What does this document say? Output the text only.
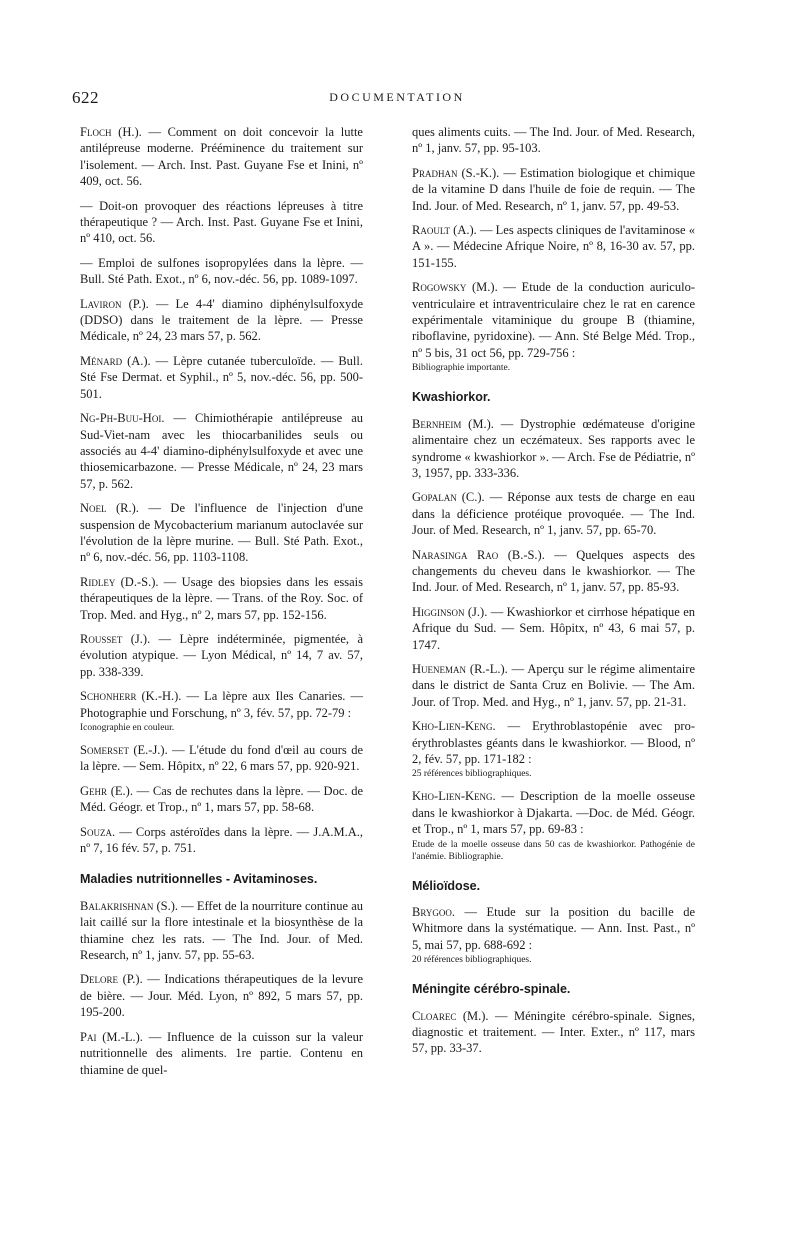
622	DOCUMENTATION

Floch (H.). — Comment on doit concevoir la lutte antilépreuse moderne. Prééminence du traitement sur l'isolement. — Arch. Inst. Past. Guyane Fse et Inini, nº 409, oct. 56.

— Doit-on provoquer des réactions lépreuses à titre thérapeutique ? — Arch. Inst. Past. Guyane Fse et Inini, nº 410, oct. 56.

— Emploi de sulfones isopropylées dans la lèpre. — Bull. Sté Path. Exot., nº 6, nov.-déc. 56, pp. 1089-1097.

Laviron (P.). — Le 4-4' diamino diphénylsulfoxyde (DDSO) dans le traitement de la lèpre. — Presse Médicale, nº 24, 23 mars 57, p. 562.

Ménard (A.). — Lèpre cutanée tuberculoïde. — Bull. Sté Fse Dermat. et Syphil., nº 5, nov.-déc. 56, pp. 500-501.

Ng-Ph-Buu-Hoi. — Chimiothérapie antilépreuse au Sud-Viet-nam avec les thiocarbanilides seuls ou associés au 4-4' diamino-diphénylsulfoxyde et avec une thiosemicarbazone. — Presse Médicale, nº 24, 23 mars 57, p. 562.

Noel (R.). — De l'influence de l'injection d'une suspension de Mycobacterium marianum autoclavée sur l'évolution de la lèpre murine. — Bull. Sté Path. Exot., nº 6, nov.-déc. 56, pp. 1103-1108.

Ridley (D.-S.). — Usage des biopsies dans les essais thérapeutiques de la lèpre. — Trans. of the Roy. Soc. of Trop. Med. and Hyg., nº 2, mars 57, pp. 152-156.

Rousset (J.). — Lèpre indéterminée, pigmentée, à évolution atypique. — Lyon Médical, nº 14, 7 av. 57, pp. 338-339.

Schonherr (K.-H.). — La lèpre aux Iles Canaries. — Photographie und Forschung, nº 3, fév. 57, pp. 72-79 :
Iconographie en couleur.

Somerset (E.-J.). — L'étude du fond d'œil au cours de la lèpre. — Sem. Hôpitx, nº 22, 6 mars 57, pp. 920-921.

Gehr (E.). — Cas de rechutes dans la lèpre. — Doc. de Méd. Géogr. et Trop., nº 1, mars 57, pp. 58-68.

Souza. — Corps astéroïdes dans la lèpre. — J.A.M.A., nº 7, 16 fév. 57, p. 751.

Maladies nutritionnelles - Avitaminoses.

Balakrishnan (S.). — Effet de la nourriture continue au lait caillé sur la flore intestinale et la biosynthèse de la thiamine chez les rats. — The Ind. Jour. of Med. Research, nº 1, janv. 57, pp. 55-63.

Delore (P.). — Indications thérapeutiques de la levure de bière. — Jour. Méd. Lyon, nº 892, 5 mars 57, pp. 195-200.

Pai (M.-L.). — Influence de la cuisson sur la valeur nutritionnelle des aliments. 1re partie. Contenu en thiamine de quel-

ques aliments cuits. — The Ind. Jour. of Med. Research, nº 1, janv. 57, pp. 95-103.

Pradhan (S.-K.). — Estimation biologique et chimique de la vitamine D dans l'huile de foie de requin. — The Ind. Jour. of Med. Research, nº 1, janv. 57, pp. 49-53.

Raoult (A.). — Les aspects cliniques de l'avitaminose « A ». — Médecine Afrique Noire, nº 8, 16-30 av. 57, pp. 151-155.

Rogowsky (M.). — Etude de la conduction auriculo-ventriculaire et intraventriculaire chez le rat en carence expérimentale vitaminique du groupe B (thiamine, riboflavine, pyridoxine). — Ann. Sté Belge Méd. Trop., nº 5 bis, 31 oct 56, pp. 729-756 :
Bibliographie importante.

Kwashiorkor.

Bernheim (M.). — Dystrophie œdémateuse d'origine alimentaire chez un eczémateux. Ses rapports avec le syndrome « kwashiorkor ». — Arch. Fse de Pédiatrie, nº 3, 1957, pp. 333-336.

Gopalan (C.). — Réponse aux tests de charge en eau dans la déficience protéique provoquée. — The Ind. Jour. of Med. Research, nº 1, janv. 57, pp. 65-70.

Narasinga Rao (B.-S.). — Quelques aspects des changements du cheveu dans le kwashiorkor. — The Ind. Jour. of Med. Research, nº 1, janv. 57, pp. 85-93.

Higginson (J.). — Kwashiorkor et cirrhose hépatique en Afrique du Sud. — Sem. Hôpitx, nº 43, 6 mai 57, p. 1747.

Hueneman (R.-L.). — Aperçu sur le régime alimentaire dans le district de Santa Cruz en Bolivie. — The Am. Jour. of Trop. Med. and Hyg., nº 1, janv. 57, pp. 21-31.

Kho-Lien-Keng. — Erythroblastopénie avec pro-érythroblastes géants dans le kwashiorkor. — Blood, nº 2, fév. 57, pp. 171-182 :
25 références bibliographiques.

Kho-Lien-Keng. — Description de la moelle osseuse dans le kwashiorkor à Djakarta. —Doc. de Méd. Géogr. et Trop., nº 1, mars 57, pp. 69-83 :
Etude de la moelle osseuse dans 50 cas de kwashiorkor. Pathogénie de l'anémie. Bibliographie.

Mélioïdose.

Brygoo. — Etude sur la position du bacille de Whitmore dans la systématique. — Ann. Inst. Past., nº 5, mai 57, pp. 688-692 :
20 références bibliographiques.

Méningite cérébro-spinale.

Cloarec (M.). — Méningite cérébro-spinale. Signes, diagnostic et traitement. — Inter. Exter., nº 117, mars 57, pp. 33-37.
